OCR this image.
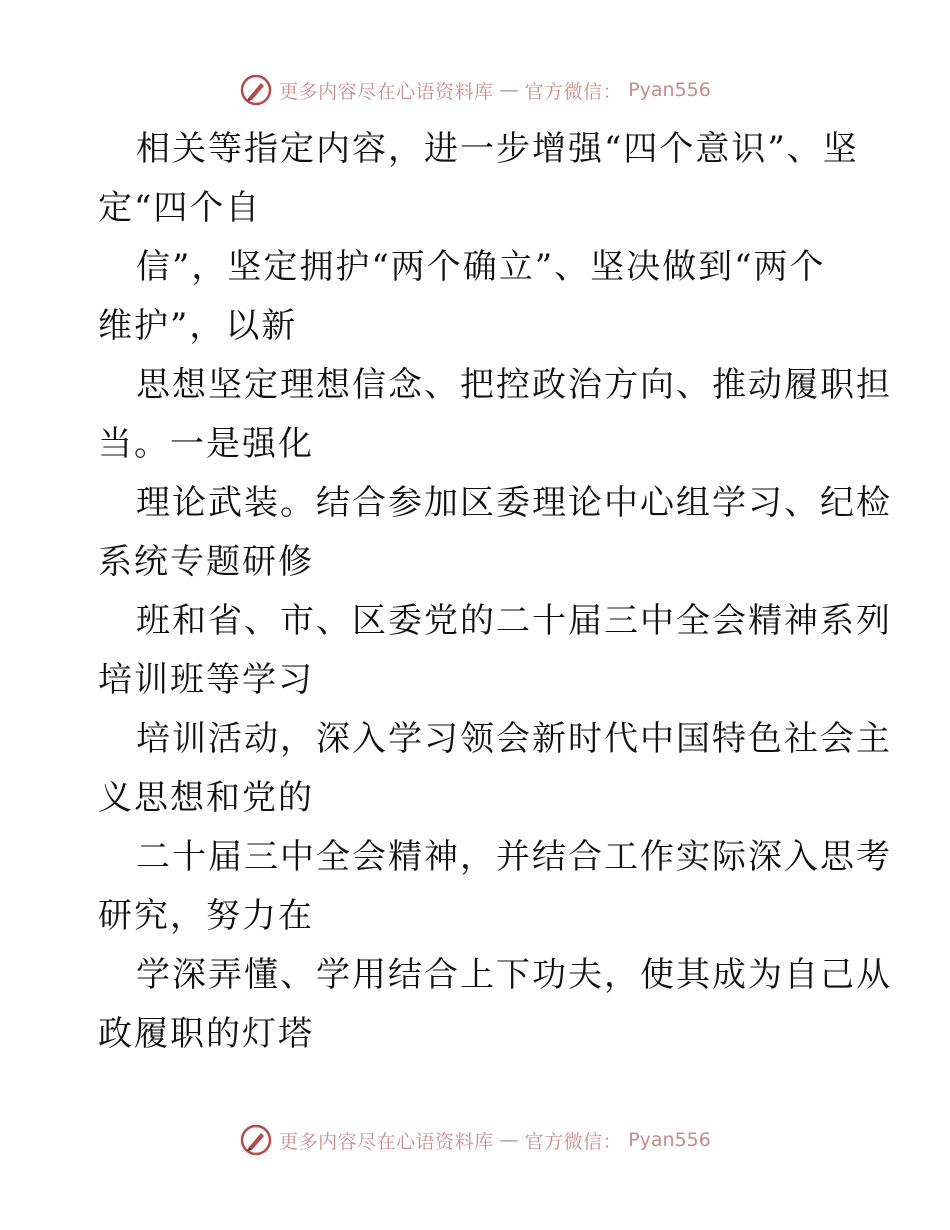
更多内容尽在心语资料库 — 官方微信： Pyan556

相关等指定内容，进一步增强“四个意识”、坚
定“四个自

信”，坚定拥护“两个确立”、坚决做到“两个
维护”，以新

思想坚定理想信念、把控政治方向、推动履职担
当。一是强化

理论武装。结合参加区委理论中心组学习、纪检
系统专题研修

班和省、市、区委党的二十届三中全会精神系列
培训班等学习

培训活动，深入学习领会新时代中国特色社会主
义思想和党的

二十届三中全会精神，并结合工作实际深入思考
研究，努力在

学深弄懂、学用结合上下功夫，使其成为自己从
政履职的灯塔

更多内容尽在心语资料库 — 官方微信： Pyan556
